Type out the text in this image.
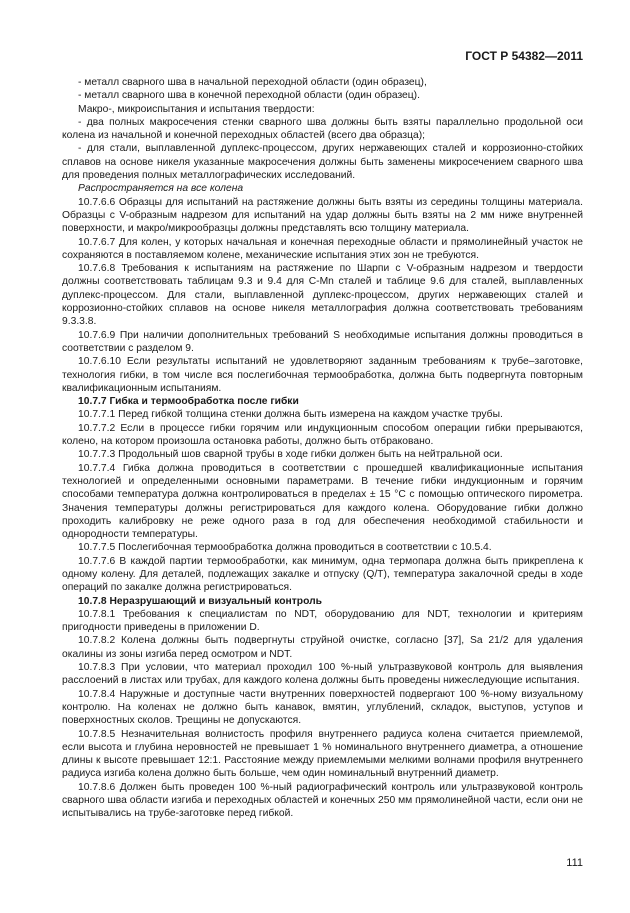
ГОСТ Р 54382—2011

- металл сварного шва в начальной переходной области (один образец),

- металл сварного шва в конечной переходной области (один образец).

Макро-, микроиспытания и испытания твердости:

- два полных макросечения стенки сварного шва должны быть взяты параллельно продольной оси колена из начальной и конечной переходных областей (всего два образца);

- для стали, выплавленной дуплекс-процессом, других нержавеющих сталей и коррозионно-стойких сплавов на основе никеля указанные макросечения должны быть заменены микросечением сварного шва для проведения полных металлографических исследований.

Распространяется на все колена

10.7.6.6 Образцы для испытаний на растяжение должны быть взяты из середины толщины материала. Образцы с V-образным надрезом для испытаний на удар должны быть взяты на 2 мм ниже внутренней поверхности, и макро/микрообразцы должны представлять всю толщину материала.

10.7.6.7 Для колен, у которых начальная и конечная переходные области и прямолинейный участок не сохраняются в поставляемом колене, механические испытания этих зон не требуются.

10.7.6.8 Требования к испытаниям на растяжение по Шарпи с V-образным надрезом и твердости должны соответствовать таблицам 9.3 и 9.4 для C-Mn сталей и таблице 9.6 для сталей, выплавленных дуплекс-процессом. Для стали, выплавленной дуплекс-процессом, других нержавеющих сталей и коррозионно-стойких сплавов на основе никеля металлография должна соответствовать требованиям 9.3.3.8.

10.7.6.9 При наличии дополнительных требований S необходимые испытания должны проводиться в соответствии с разделом 9.

10.7.6.10 Если результаты испытаний не удовлетворяют заданным требованиям к трубе–заготовке, технология гибки, в том числе вся послегибочная термообработка, должна быть подвергнута повторным квалификационным испытаниям.

10.7.7 Гибка и термообработка после гибки

10.7.7.1 Перед гибкой толщина стенки должна быть измерена на каждом участке трубы.

10.7.7.2 Если в процессе гибки горячим или индукционным способом операции гибки прерываются, колено, на котором произошла остановка работы, должно быть отбраковано.

10.7.7.3 Продольный шов сварной трубы в ходе гибки должен быть на нейтральной оси.

10.7.7.4 Гибка должна проводиться в соответствии с прошедшей квалификационные испытания технологией и определенными основными параметрами. В течение гибки индукционным и горячим способами температура должна контролироваться в пределах ± 15 °C с помощью оптического пирометра. Значения температуры должны регистрироваться для каждого колена. Оборудование гибки должно проходить калибровку не реже одного раза в год для обеспечения необходимой стабильности и однородности температуры.

10.7.7.5 Послегибочная термообработка должна проводиться в соответствии с 10.5.4.

10.7.7.6 В каждой партии термообработки, как минимум, одна термопара должна быть прикреплена к одному колену. Для деталей, подлежащих закалке и отпуску (Q/T), температура закалочной среды в ходе операций по закалке должна регистрироваться.

10.7.8 Неразрушающий и визуальный контроль

10.7.8.1 Требования к специалистам по NDT, оборудованию для NDT, технологии и критериям пригодности приведены в приложении D.

10.7.8.2 Колена должны быть подвергнуты струйной очистке, согласно [37], Sa 21/2 для удаления окалины из зоны изгиба перед осмотром и NDT.

10.7.8.3 При условии, что материал проходил 100 %-ный ультразвуковой контроль для выявления расслоений в листах или трубах, для каждого колена должны быть проведены нижеследующие испытания.

10.7.8.4 Наружные и доступные части внутренних поверхностей подвергают 100 %-ному визуальному контролю. На коленах не должно быть канавок, вмятин, углублений, складок, выступов, уступов и поверхностных сколов. Трещины не допускаются.

10.7.8.5 Незначительная волнистость профиля внутреннего радиуса колена считается приемлемой, если высота и глубина неровностей не превышает 1 % номинального внутреннего диаметра, а отношение длины к высоте превышает 12:1. Расстояние между приемлемыми мелкими волнами профиля внутреннего радиуса изгиба колена должно быть больше, чем один номинальный внутренний диаметр.

10.7.8.6 Должен быть проведен 100 %-ный радиографический контроль или ультразвуковой контроль сварного шва области изгиба и переходных областей и конечных 250 мм прямолинейной части, если они не испытывались на трубе-заготовке перед гибкой.

111
